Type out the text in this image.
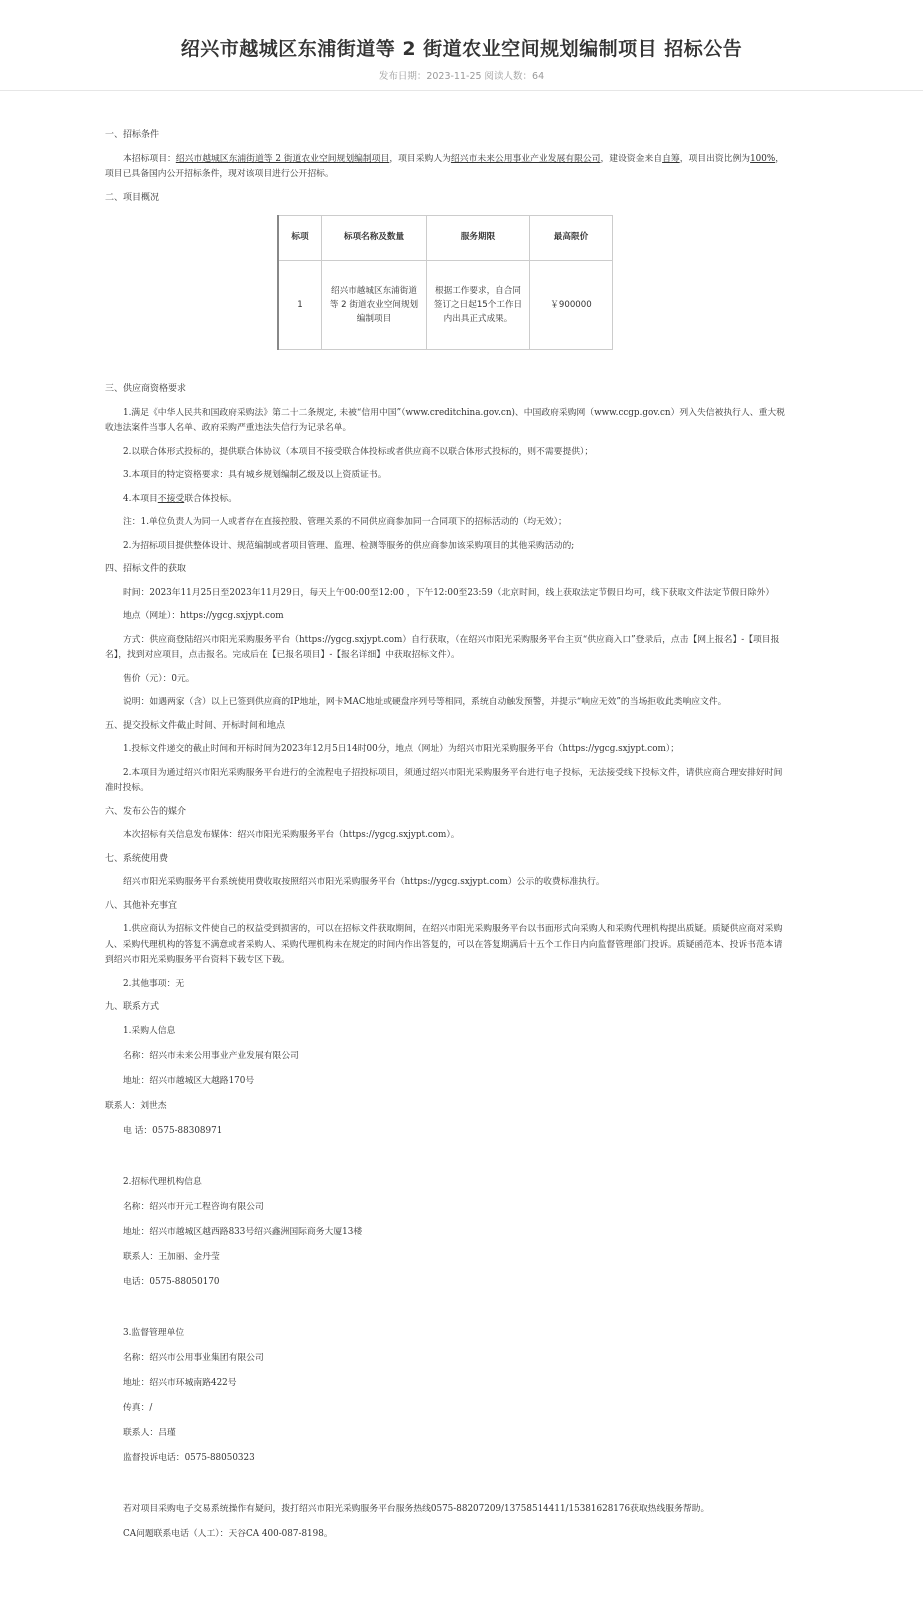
绍兴市越城区东浦街道等 2 街道农业空间规划编制项目 招标公告
发布日期：2023-11-25 阅读人数：64
一、招标条件
本招标项目：绍兴市越城区东浦街道等 2 街道农业空间规划编制项目，项目采购人为绍兴市未来公用事业产业发展有限公司，建设资金来自自筹，项目出资比例为100%，项目已具备国内公开招标条件，现对该项目进行公开招标。
二、项目概况
标项	标项名称及数量	服务期限	最高限价
1	绍兴市越城区东浦街道等 2 街道农业空间规划编制项目	根据工作要求，自合同签订之日起15个工作日内出具正式成果。	￥900000
三、供应商资格要求
1.满足《中华人民共和国政府采购法》第二十二条规定, 未被“信用中国”（www.creditchina.gov.cn)、中国政府采购网（www.ccgp.gov.cn）列入失信被执行人、重大税收违法案件当事人名单、政府采购严重违法失信行为记录名单。
2.以联合体形式投标的，提供联合体协议（本项目不接受联合体投标或者供应商不以联合体形式投标的，则不需要提供）；
3.本项目的特定资格要求：具有城乡规划编制乙级及以上资质证书。
4.本项目不接受联合体投标。
注：1.单位负责人为同一人或者存在直接控股、管理关系的不同供应商参加同一合同项下的招标活动的（均无效）；
2.为招标项目提供整体设计、规范编制或者项目管理、监理、检测等服务的供应商参加该采购项目的其他采购活动的;
四、招标文件的获取
时间：2023年11月25日至2023年11月29日，每天上午00:00至12:00 ，下午12:00至23:59（北京时间，线上获取法定节假日均可，线下获取文件法定节假日除外）
地点（网址）：https://ygcg.sxjypt.com
方式：供应商登陆绍兴市阳光采购服务平台（https://ygcg.sxjypt.com）自行获取，（在绍兴市阳光采购服务平台主页“供应商入口”登录后，点击【网上报名】-【项目报名】，找到对应项目，点击报名。完成后在【已报名项目】-【报名详细】中获取招标文件）。
售价（元）：0元。
说明：如遇两家（含）以上已签到供应商的IP地址，网卡MAC地址或硬盘序列号等相同，系统自动触发预警，并提示“响应无效”的当场拒收此类响应文件。
五、提交投标文件截止时间、开标时间和地点
1.投标文件递交的截止时间和开标时间为2023年12月5日14时00分，地点（网址）为绍兴市阳光采购服务平台（https://ygcg.sxjypt.com）；
2.本项目为通过绍兴市阳光采购服务平台进行的全流程电子招投标项目，须通过绍兴市阳光采购服务平台进行电子投标，无法接受线下投标文件，请供应商合理安排好时间准时投标。
六、发布公告的媒介
本次招标有关信息发布媒体：绍兴市阳光采购服务平台（https://ygcg.sxjypt.com）。
七、系统使用费
绍兴市阳光采购服务平台系统使用费收取按照绍兴市阳光采购服务平台（https://ygcg.sxjypt.com）公示的收费标准执行。
八、其他补充事宜
1.供应商认为招标文件使自己的权益受到损害的，可以在招标文件获取期间，在绍兴市阳光采购服务平台以书面形式向采购人和采购代理机构提出质疑。质疑供应商对采购人、采购代理机构的答复不满意或者采购人、采购代理机构未在规定的时间内作出答复的，可以在答复期满后十五个工作日内向监督管理部门投诉。质疑函范本、投诉书范本请到绍兴市阳光采购服务平台资料下载专区下载。
2.其他事项：无
九、联系方式
1.采购人信息
名称：绍兴市未来公用事业产业发展有限公司
地址：绍兴市越城区大越路170号
联系人：刘世杰
电 话：0575-88308971
2.招标代理机构信息
名称：绍兴市开元工程咨询有限公司
地址：绍兴市越城区越西路833号绍兴鑫洲国际商务大厦13楼
联系人：王加丽、金丹莹
电话：0575-88050170
3.监督管理单位
名称：绍兴市公用事业集团有限公司
地址：绍兴市环城南路422号
传真：/
联系人：吕瑾
监督投诉电话：0575-88050323
若对项目采购电子交易系统操作有疑问，拨打绍兴市阳光采购服务平台服务热线0575-88207209/13758514411/15381628176获取热线服务帮助。
CA问题联系电话（人工）：天谷CA 400-087-8198。
